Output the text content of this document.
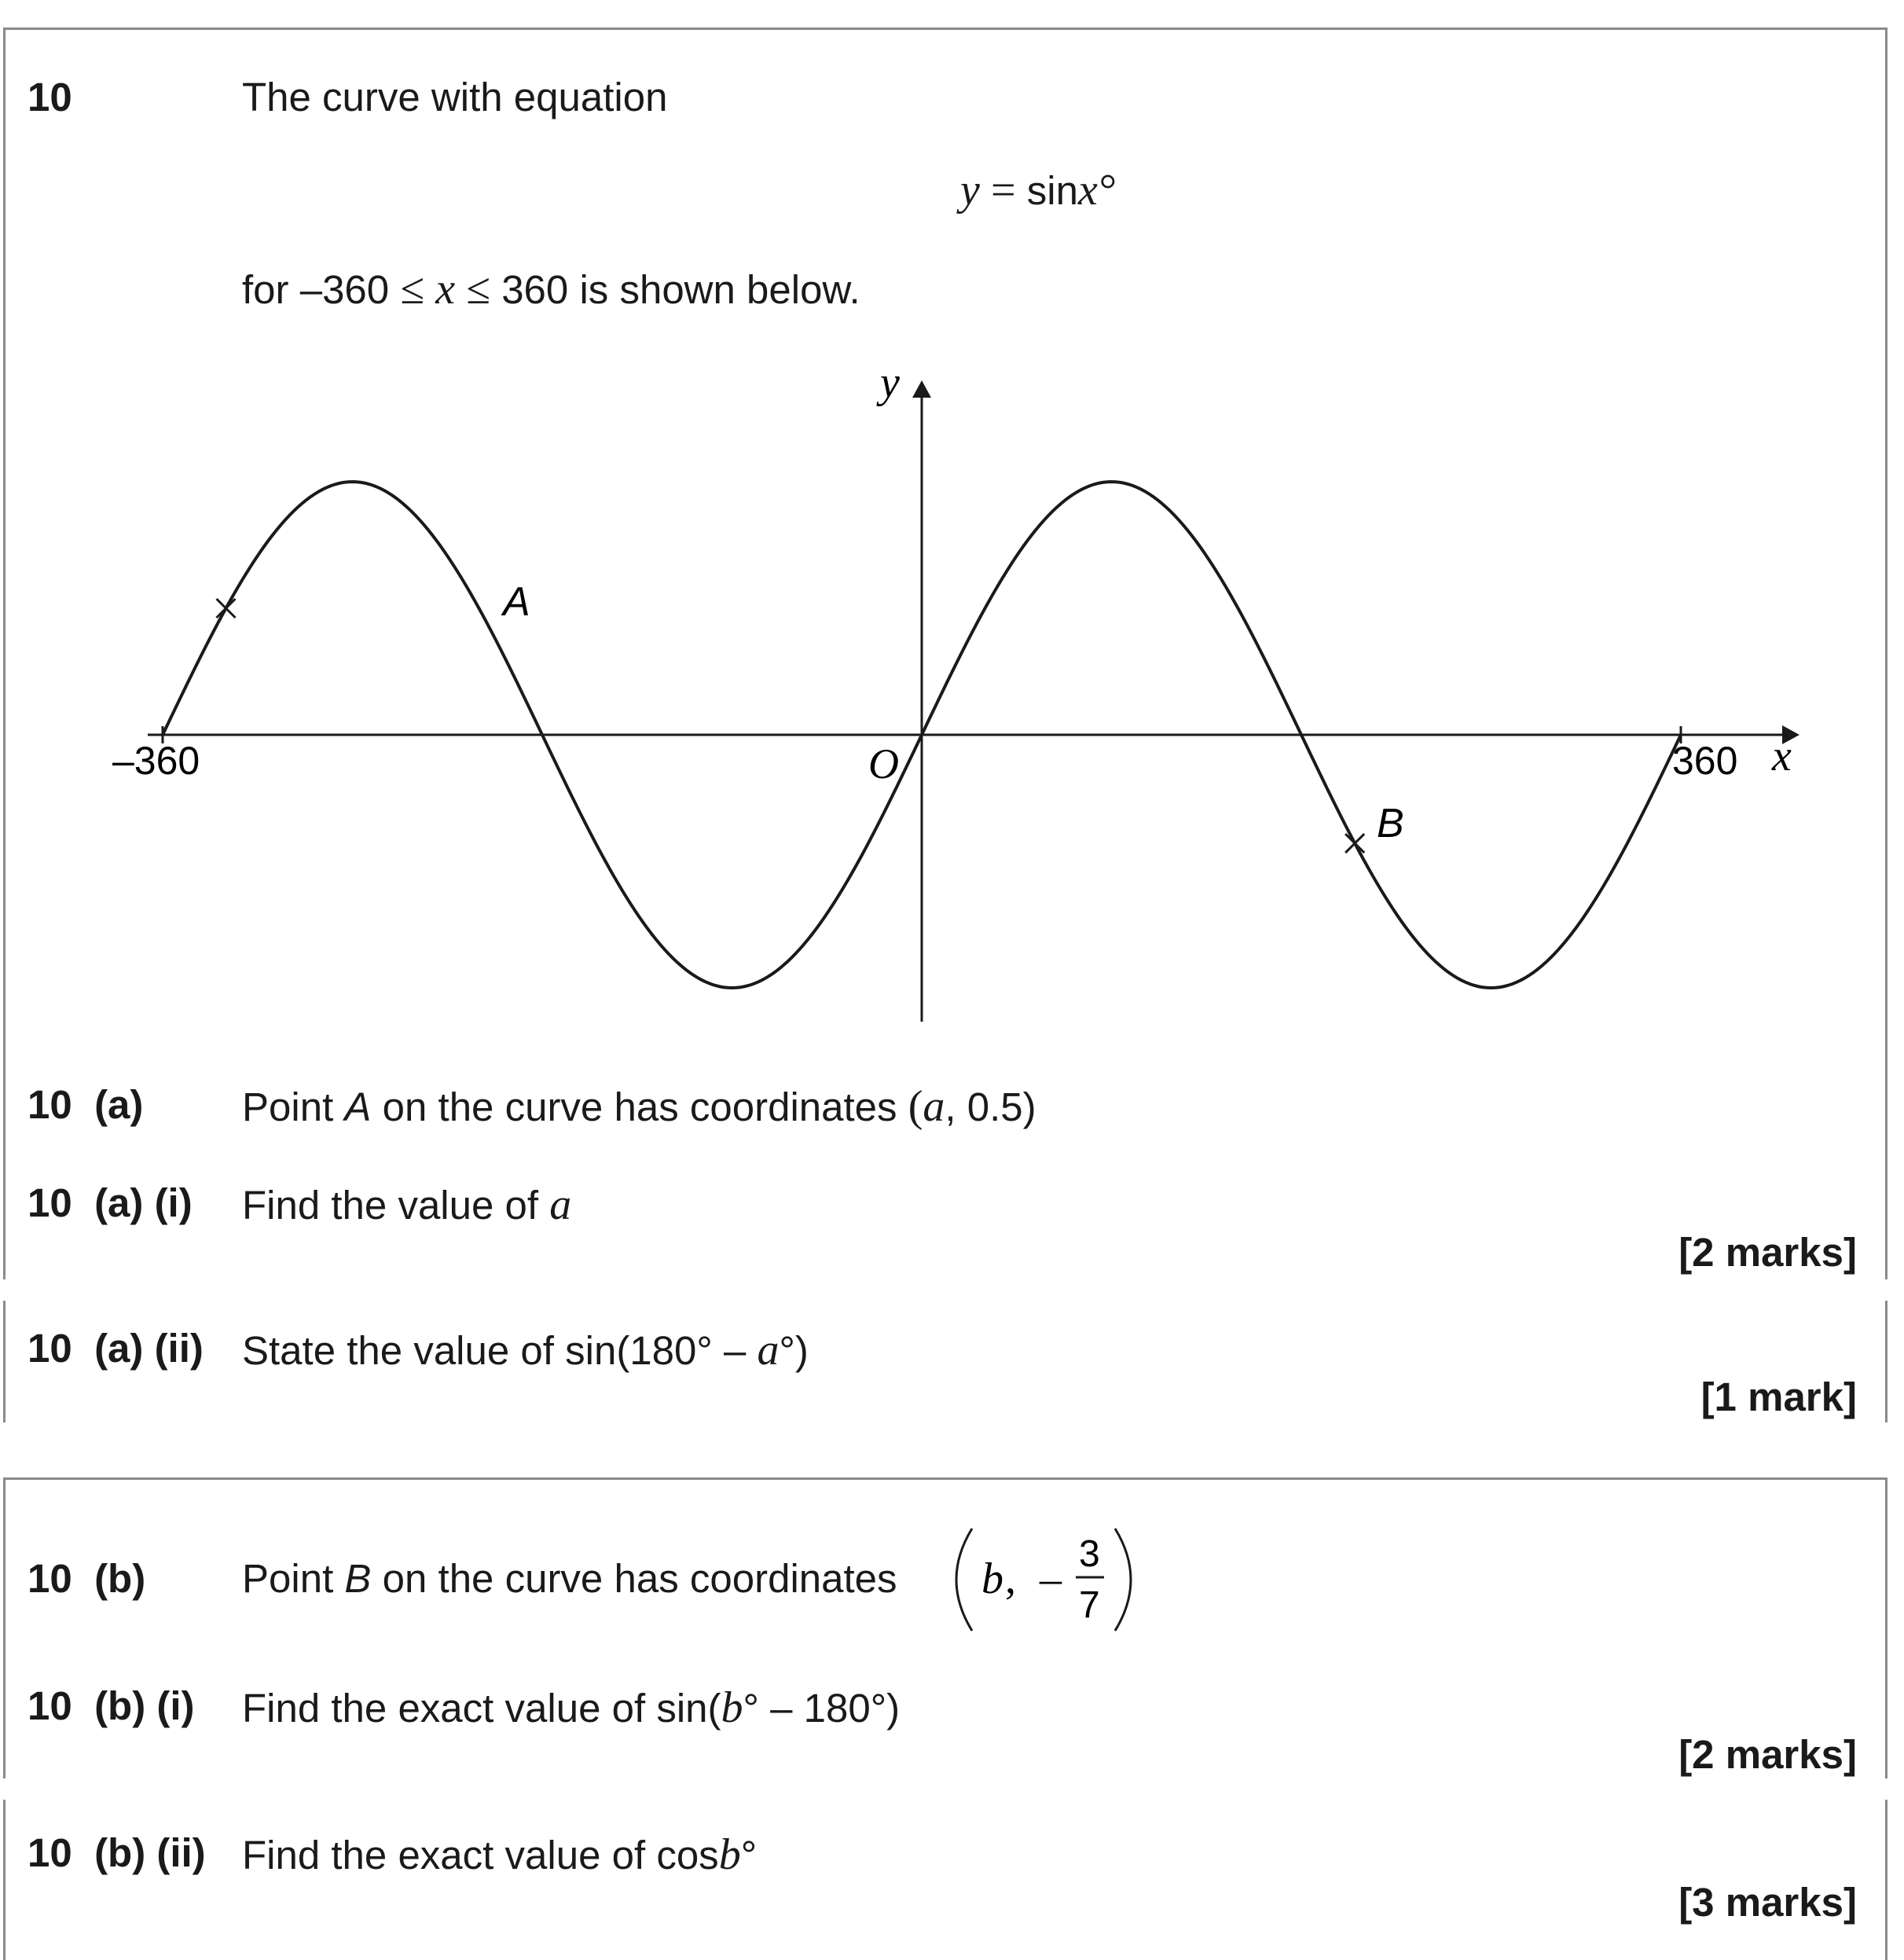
10	The curve with equation
y = sinx°
for –360 ≤ x ≤ 360 is shown below.
y
x
O
–360	360
A
B
10  (a) Point A on the curve has coordinates (a, 0.5)
10  (a) (i) Find the value of a
[2 marks]
10  (a) (ii) State the value of sin(180° – a°)
[1 mark]
10  (b) Point B on the curve has coordinates b , –
3
7
10  (b) (i) Find the exact value of sin(b° – 180°)
[2 marks]
10  (b) (ii) Find the exact value of cosb°
[3 marks]
